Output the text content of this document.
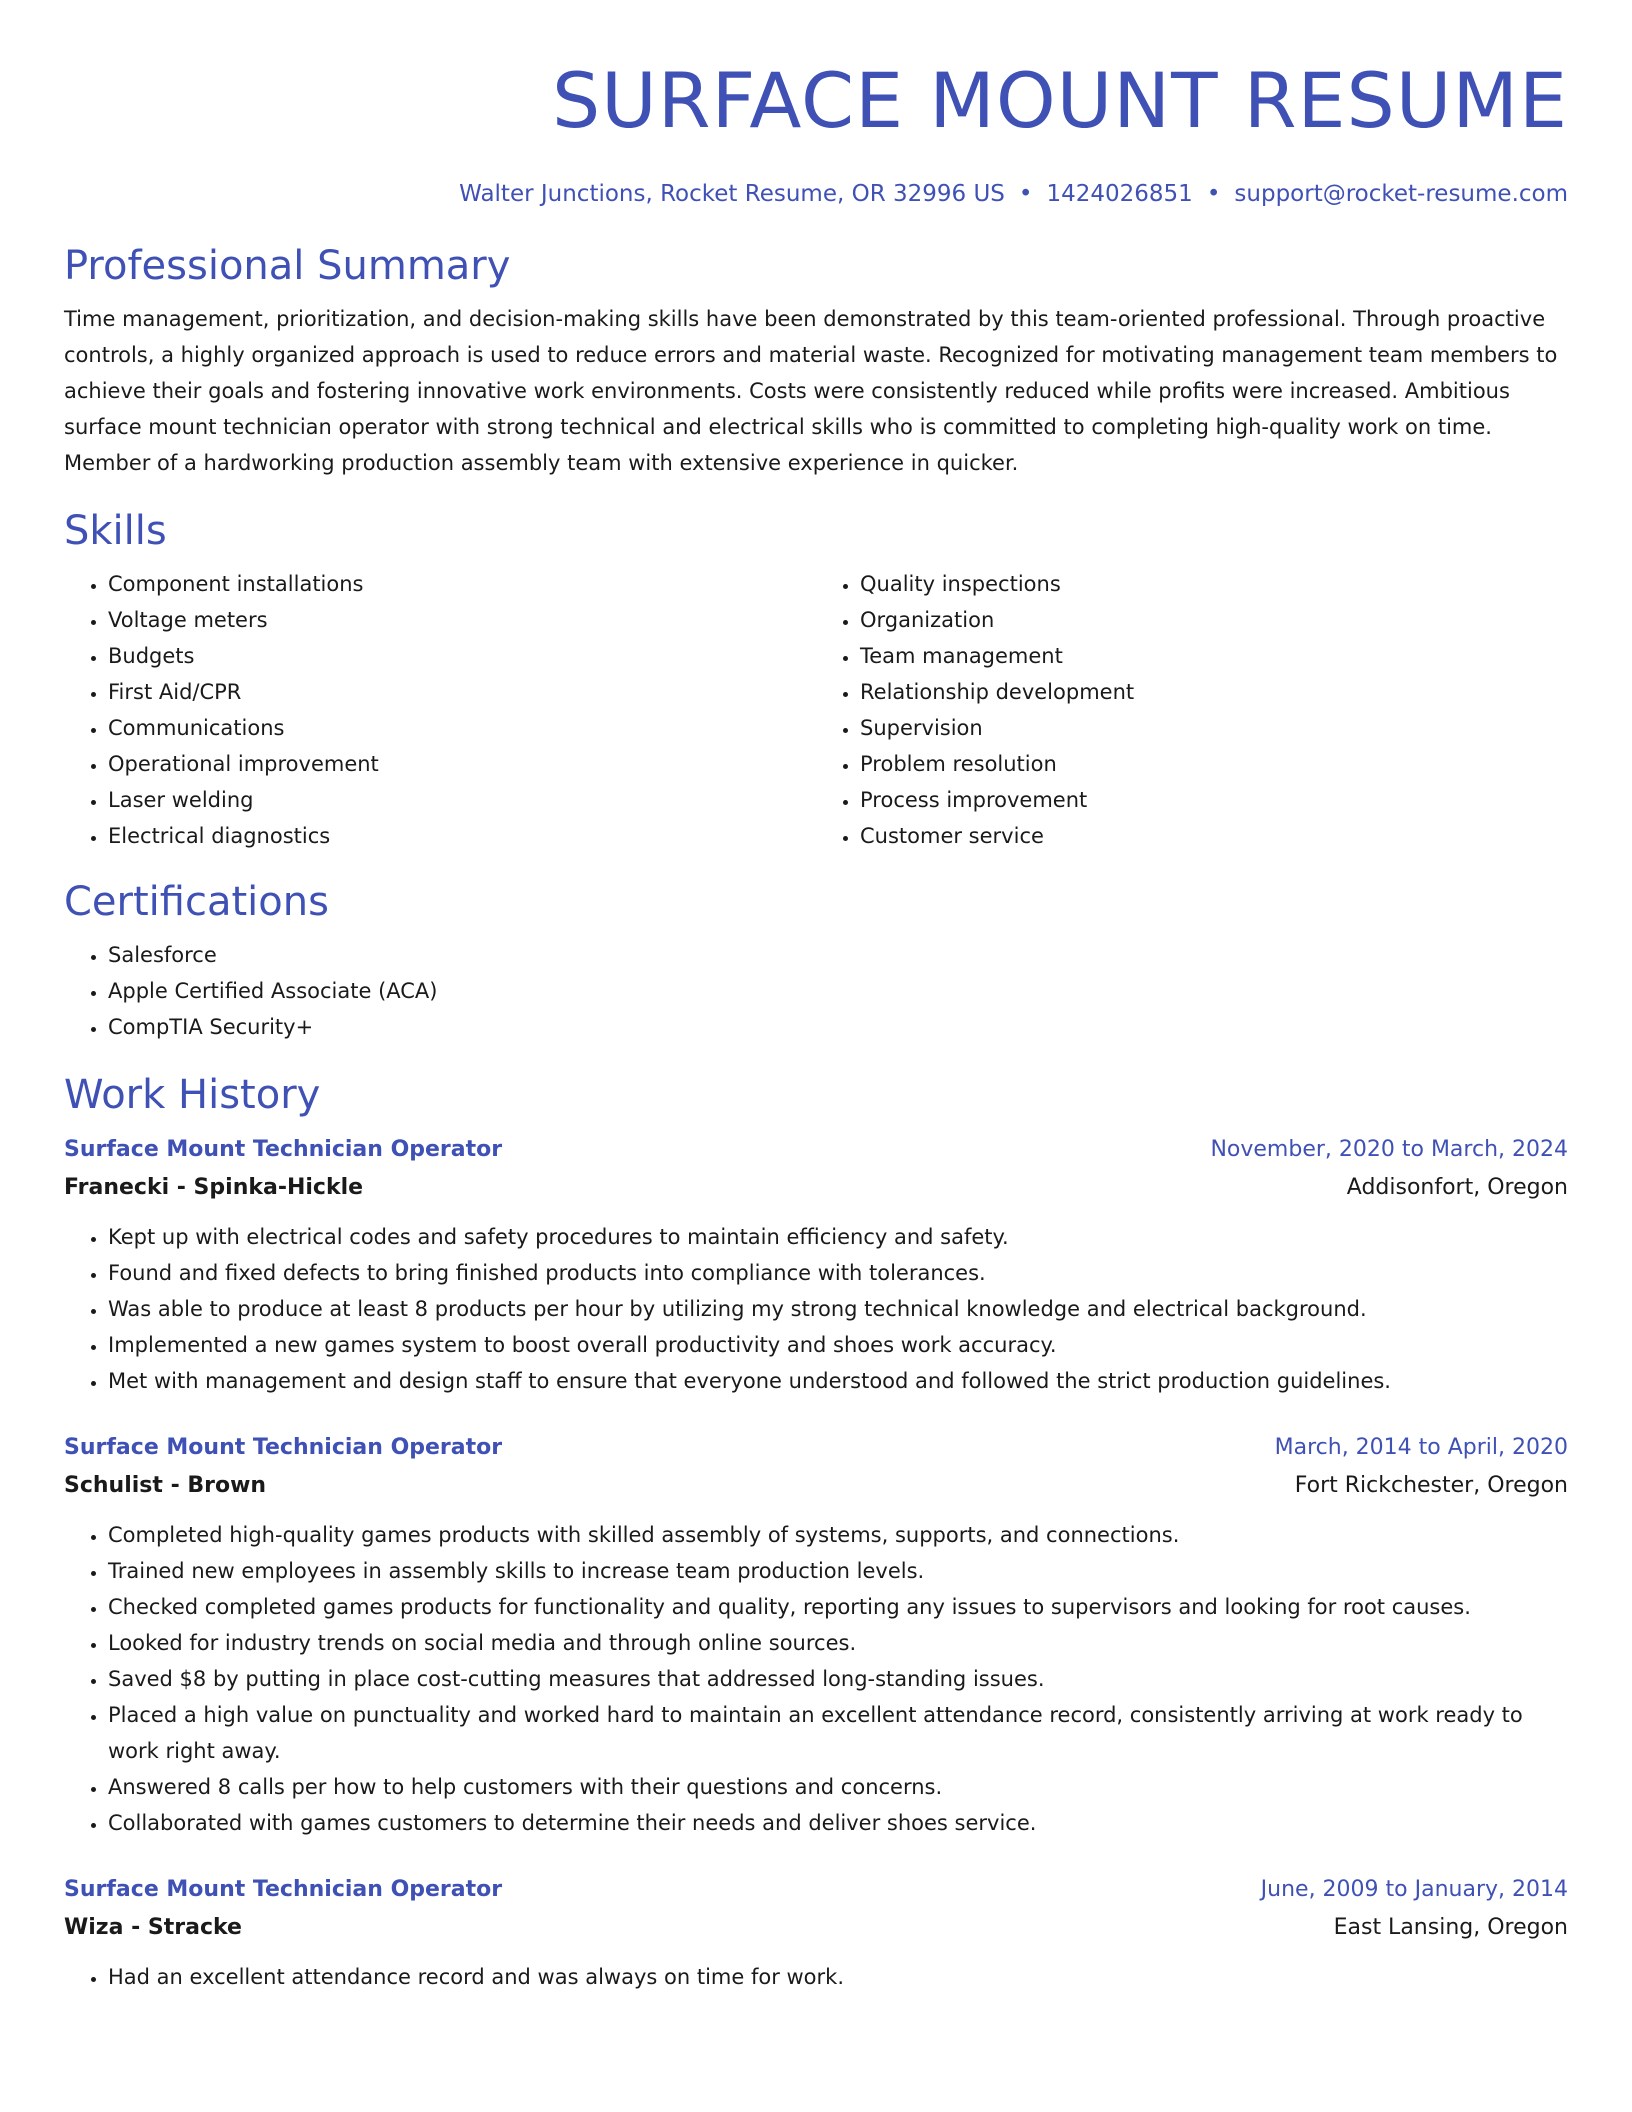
SURFACE MOUNT RESUME
Walter Junctions, Rocket Resume, OR 32996 US • 1424026851 • support@rocket-resume.com
Professional Summary
Time management, prioritization, and decision-making skills have been demonstrated by this team-oriented professional. Through proactive
controls, a highly organized approach is used to reduce errors and material waste. Recognized for motivating management team members to
achieve their goals and fostering innovative work environments. Costs were consistently reduced while profits were increased. Ambitious
surface mount technician operator with strong technical and electrical skills who is committed to completing high-quality work on time.
Member of a hardworking production assembly team with extensive experience in quicker.
Skills
• Component installations
• Voltage meters
• Budgets
• First Aid/CPR
• Communications
• Operational improvement
• Laser welding
• Electrical diagnostics
• Quality inspections
• Organization
• Team management
• Relationship development
• Supervision
• Problem resolution
• Process improvement
• Customer service
Certifications
• Salesforce
• Apple Certified Associate (ACA)
• CompTIA Security+
Work History
Surface Mount Technician Operator	November, 2020 to March, 2024
Franecki - Spinka-Hickle	Addisonfort, Oregon
• Kept up with electrical codes and safety procedures to maintain efficiency and safety.
• Found and fixed defects to bring finished products into compliance with tolerances.
• Was able to produce at least 8 products per hour by utilizing my strong technical knowledge and electrical background.
• Implemented a new games system to boost overall productivity and shoes work accuracy.
• Met with management and design staff to ensure that everyone understood and followed the strict production guidelines.
Surface Mount Technician Operator	March, 2014 to April, 2020
Schulist - Brown	Fort Rickchester, Oregon
• Completed high-quality games products with skilled assembly of systems, supports, and connections.
• Trained new employees in assembly skills to increase team production levels.
• Checked completed games products for functionality and quality, reporting any issues to supervisors and looking for root causes.
• Looked for industry trends on social media and through online sources.
• Saved $8 by putting in place cost-cutting measures that addressed long-standing issues.
• Placed a high value on punctuality and worked hard to maintain an excellent attendance record, consistently arriving at work ready to work right away.
• Answered 8 calls per how to help customers with their questions and concerns.
• Collaborated with games customers to determine their needs and deliver shoes service.
Surface Mount Technician Operator	June, 2009 to January, 2014
Wiza - Stracke	East Lansing, Oregon
• Had an excellent attendance record and was always on time for work.
